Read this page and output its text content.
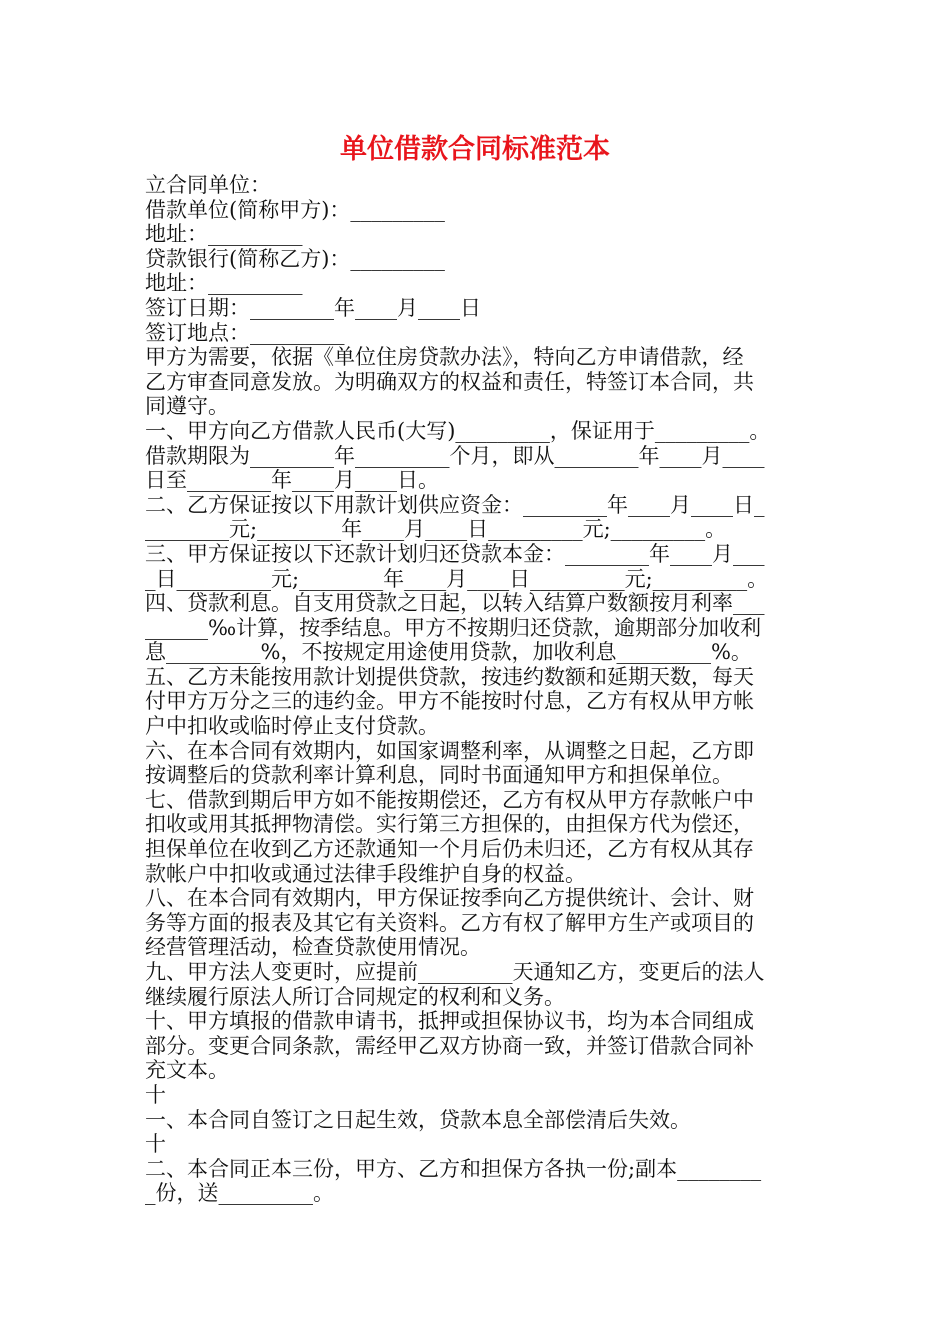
单位借款合同标准范本
立合同单位：
借款单位(简称甲方)：_________
地址：_________
贷款银行(简称乙方)：_________
地址：_________
签订日期：________年____月____日
签订地点：_________
甲方为需要，依据《单位住房贷款办法》，特向乙方申请借款，经
乙方审查同意发放。为明确双方的权益和责任，特签订本合同，共
同遵守。
一、甲方向乙方借款人民币(大写)_________，保证用于_________。
借款期限为________年_________个月，即从________年____月____
日至________年____月____日。
二、乙方保证按以下用款计划供应资金：________年____月____日_
________元;________年____月____日_________元;_________。
三、甲方保证按以下还款计划归还贷款本金：________年____月___
_日_________元;________年____月____日_________元;_________。
四、贷款利息。自支用贷款之日起，以转入结算户数额按月利率___
______‰计算，按季结息。甲方不按期归还贷款，逾期部分加收利
息_________%，不按规定用途使用贷款，加收利息_________%。
五、乙方未能按用款计划提供贷款，按违约数额和延期天数，每天
付甲方万分之三的违约金。甲方不能按时付息，乙方有权从甲方帐
户中扣收或临时停止支付贷款。
六、在本合同有效期内，如国家调整利率，从调整之日起，乙方即
按调整后的贷款利率计算利息，同时书面通知甲方和担保单位。
七、借款到期后甲方如不能按期偿还，乙方有权从甲方存款帐户中
扣收或用其抵押物清偿。实行第三方担保的，由担保方代为偿还，
担保单位在收到乙方还款通知一个月后仍未归还，乙方有权从其存
款帐户中扣收或通过法律手段维护自身的权益。
八、在本合同有效期内，甲方保证按季向乙方提供统计、会计、财
务等方面的报表及其它有关资料。乙方有权了解甲方生产或项目的
经营管理活动，检查贷款使用情况。
九、甲方法人变更时，应提前_________天通知乙方，变更后的法人
继续履行原法人所订合同规定的权利和义务。
十、甲方填报的借款申请书，抵押或担保协议书，均为本合同组成
部分。变更合同条款，需经甲乙双方协商一致，并签订借款合同补
充文本。
十
一、本合同自签订之日起生效，贷款本息全部偿清后失效。
十
二、本合同正本三份，甲方、乙方和担保方各执一份;副本________
_份，送_________。
